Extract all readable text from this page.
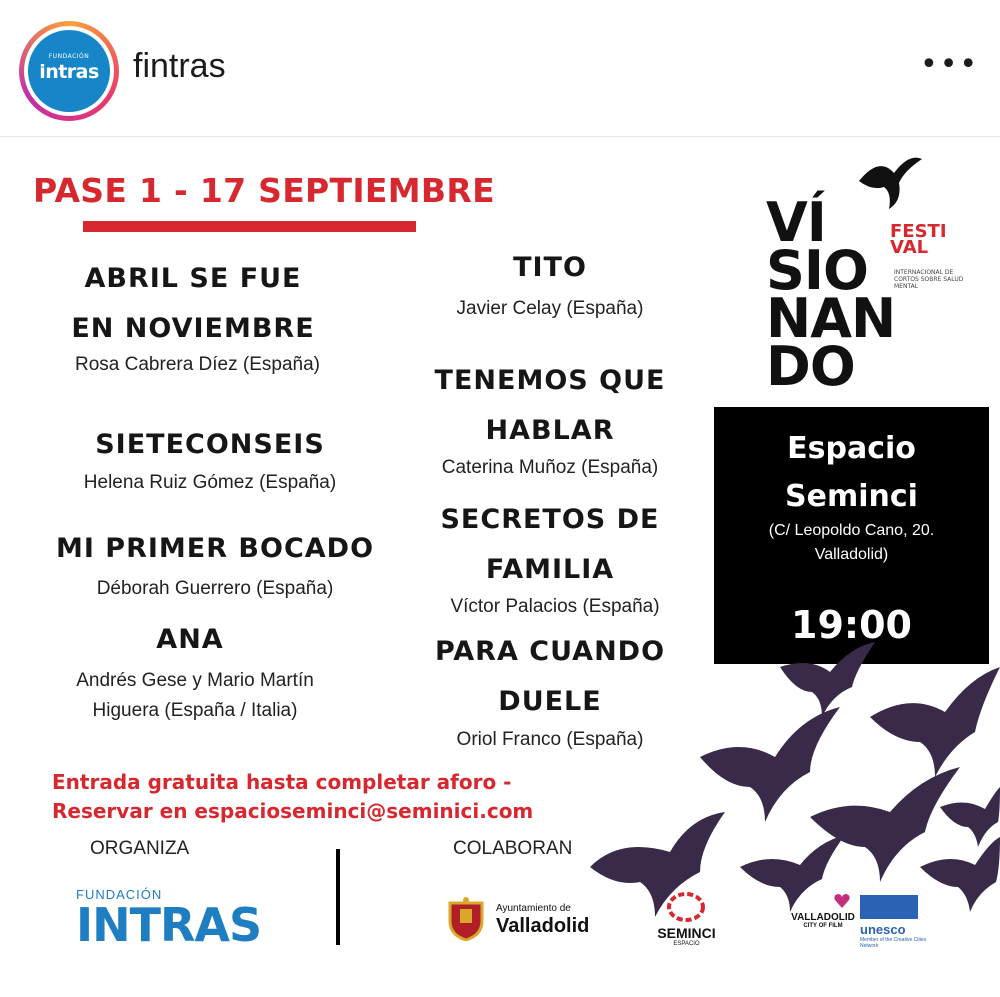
FUNDACIÓN
intras	fintras	•••
PASE 1 - 17 SEPTIEMBRE
ABRIL SE FUE
EN NOVIEMBRE
Rosa Cabrera Díez (España)
SIETECONSEIS
Helena Ruiz Gómez (España)
MI PRIMER BOCADO
Déborah Guerrero (España)
ANA
Andrés Gese y Mario Martín
Higuera (España / Italia)
TITO
Javier Celay (España)
TENEMOS QUE
HABLAR
Caterina Muñoz (España)
SECRETOS DE
FAMILIA
Víctor Palacios (España)
PARA CUANDO
DUELE
Oriol Franco (España)
VÍ
SIO
NAN
DO
FESTI
VAL
INTERNACIONAL DE CORTOS SOBRE SALUD MENTAL
Espacio
Seminci
(C/ Leopoldo Cano, 20.
Valladolid)
19:00
Entrada gratuita hasta completar aforo -
Reservar en espacioseminci@seminici.com
ORGANIZA	COLABORAN
FUNDACIÓN
INTRAS	Ayuntamiento de
Valladolid	SEMINCI
ESPACIO
VALLADOLID
CITY OF FILM	unesco
Member of the Creative Cities Network
